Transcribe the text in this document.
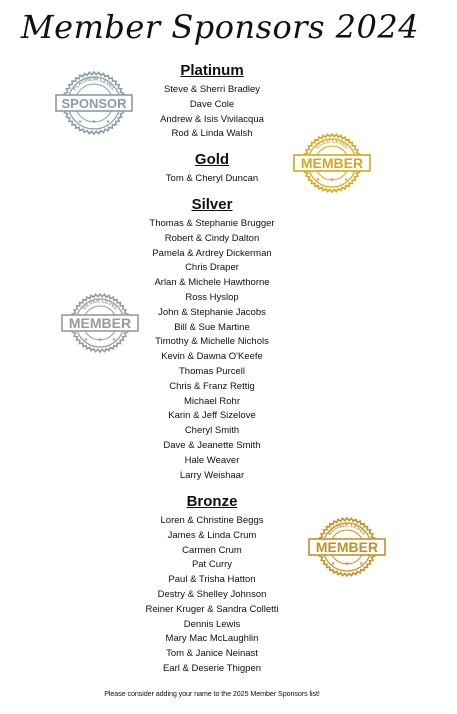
Member Sponsors 2024
Platinum
Steve & Sherri Bradley
Dave Cole
Andrew & Isis Vivilacqua
Rod & Linda Walsh
Gold
Tom & Cheryl Duncan
Silver
Thomas & Stephanie Brugger
Robert & Cindy Dalton
Pamela & Ardrey Dickerman
Chris Draper
Arlan & Michele Hawthorne
Ross Hyslop
John & Stephanie Jacobs
Bill & Sue Martine
Timothy & Michelle Nichols
Kevin & Dawna O'Keefe
Thomas Purcell
Chris & Franz Rettig
Michael Rohr
Karin & Jeff Sizelove
Cheryl Smith
Dave & Jeanette Smith
Hale Weaver
Larry Weishaar
Bronze
Loren & Christine Beggs
James & Linda Crum
Carmen Crum
Pat Curry
Paul & Trisha Hatton
Destry & Shelley Johnson
Reiner Kruger & Sandra Colletti
Dennis Lewis
Mary Mac McLaughlin
Tom & Janice Neinast
Earl & Deserie Thigpen
PLATINUM LEVEL
SPONSOR
★ ★ ★
GOLD LEVEL
MEMBER
★ ★ ★
SILVER LEVEL
MEMBER
★ ★ ★
BRONZE LEVEL
MEMBER
★ ★ ★
Please consider adding your name to the 2025 Member Sponsors list!
